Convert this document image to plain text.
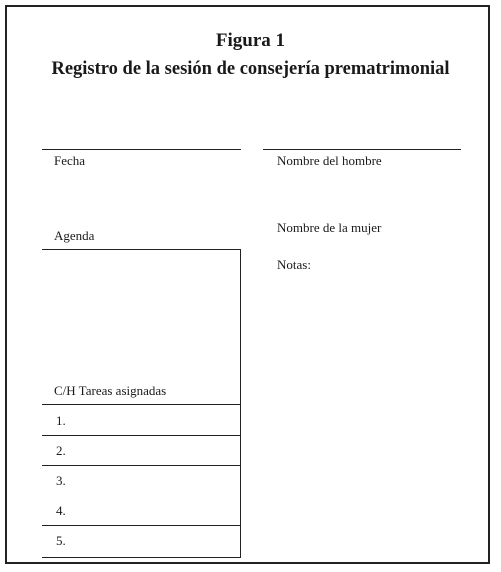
Figura 1
Registro de la sesión de consejería prematrimonial
Fecha	Nombre del hombre
Nombre de la mujer
Agenda
Notas:
C/H Tareas asignadas
1.
2.
3.
4.
5.
